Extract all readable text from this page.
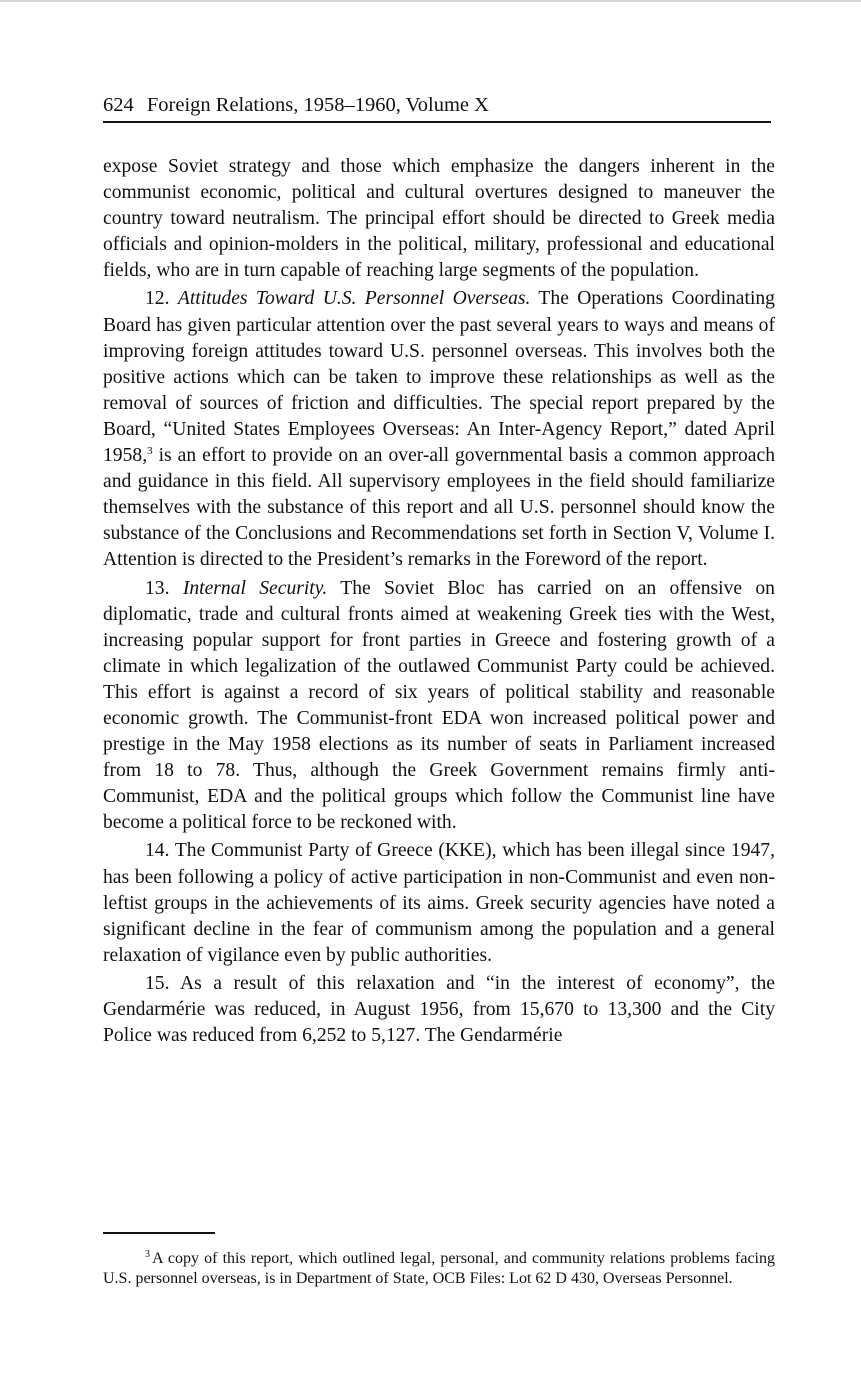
624 Foreign Relations, 1958–1960, Volume X

expose Soviet strategy and those which emphasize the dangers inherent in the communist economic, political and cultural overtures designed to maneuver the country toward neutralism. The principal effort should be directed to Greek media officials and opinion-molders in the political, military, professional and educational fields, who are in turn capable of reaching large segments of the population.

12. Attitudes Toward U.S. Personnel Overseas. The Operations Coordinating Board has given particular attention over the past several years to ways and means of improving foreign attitudes toward U.S. personnel overseas. This involves both the positive actions which can be taken to improve these relationships as well as the removal of sources of friction and difficulties. The special report prepared by the Board, “United States Employees Overseas: An Inter-Agency Report,” dated April 1958,$^3$ is an effort to provide on an over-all governmental basis a common approach and guidance in this field. All supervisory employees in the field should familiarize themselves with the substance of this report and all U.S. personnel should know the substance of the Conclusions and Recommendations set forth in Section V, Volume I. Attention is directed to the President’s remarks in the Foreword of the report.

13. Internal Security. The Soviet Bloc has carried on an offensive on diplomatic, trade and cultural fronts aimed at weakening Greek ties with the West, increasing popular support for front parties in Greece and fostering growth of a climate in which legalization of the outlawed Communist Party could be achieved. This effort is against a record of six years of political stability and reasonable economic growth. The Communist-front EDA won increased political power and prestige in the May 1958 elections as its number of seats in Parliament increased from 18 to 78. Thus, although the Greek Government remains firmly anti-Communist, EDA and the political groups which follow the Communist line have become a political force to be reckoned with.

14. The Communist Party of Greece (KKE), which has been illegal since 1947, has been following a policy of active participation in non-Communist and even non-leftist groups in the achievements of its aims. Greek security agencies have noted a significant decline in the fear of communism among the population and a general relaxation of vigilance even by public authorities.

15. As a result of this relaxation and “in the interest of economy”, the Gendarmérie was reduced, in August 1956, from 15,670 to 13,300 and the City Police was reduced from 6,252 to 5,127. The Gendarmérie

$^3$ A copy of this report, which outlined legal, personal, and community relations problems facing U.S. personnel overseas, is in Department of State, OCB Files: Lot 62 D 430, Overseas Personnel.
